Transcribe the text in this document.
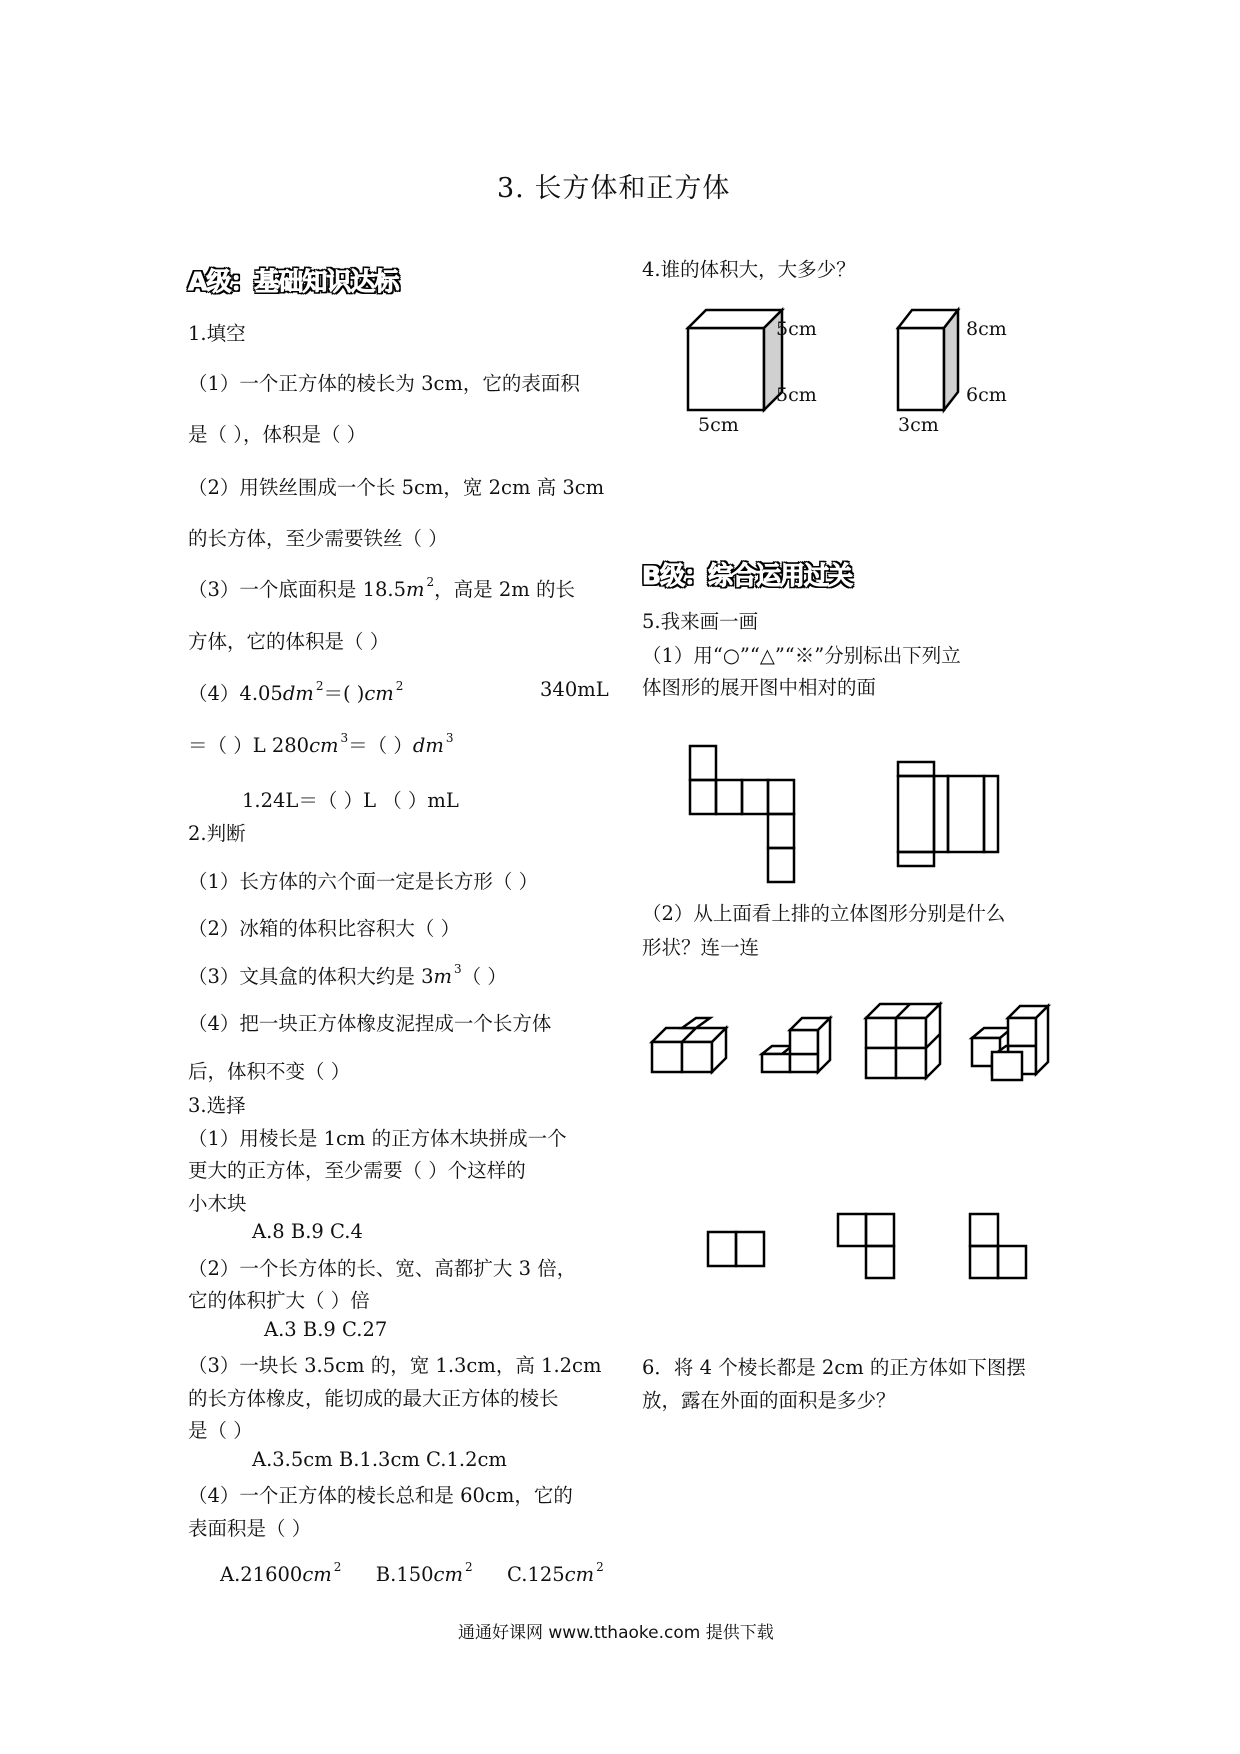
3. 长方体和正方体
A级：基础知识达标
1.填空
（1）一个正方体的棱长为 3cm，它的表面积
是（ ），体积是（ ）
（2）用铁丝围成一个长 5cm，宽 2cm 高 3cm
的长方体，至少需要铁丝（ ）
（3）一个底面积是 18.5m $^2$，高是 2m 的长
方体，它的体积是（ ）
（4）4.05dm $^2$＝( )cm $^2$	340mL
＝（ ）L 280cm $^3$＝（ ）dm $^3$
1.24L＝（ ）L （ ）mL
2.判断
（1）长方体的六个面一定是长方形（ ）
（2）冰箱的体积比容积大（ ）
（3）文具盒的体积大约是 3m $^3$（ ）
（4）把一块正方体橡皮泥捏成一个长方体
后，体积不变（ ）
3.选择
（1）用棱长是 1cm 的正方体木块拼成一个
更大的正方体，至少需要（ ）个这样的
小木块
A.8 B.9 C.4
（2）一个长方体的长、宽、高都扩大 3 倍，
它的体积扩大（ ）倍
A.3 B.9 C.27
（3）一块长 3.5cm 的，宽 1.3cm，高 1.2cm
的长方体橡皮，能切成的最大正方体的棱长
是（ ）
A.3.5cm B.1.3cm C.1.2cm
（4）一个正方体的棱长总和是 60cm，它的
表面积是（ ）
A.21600cm $^2$ B.150cm $^2$ C.125cm $^2$
4.谁的体积大，大多少？
5cm
5cm
5cm
8cm
6cm
3cm
B级：综合运用过关
5.我来画一画
（1）用“○”“△”“※”分别标出下列立
体图形的展开图中相对的面
（2）从上面看上排的立体图形分别是什么
形状？连一连
6．将 4 个棱长都是 2cm 的正方体如下图摆
放，露在外面的面积是多少？
通通好课网 www.tthaoke.com 提供下载
